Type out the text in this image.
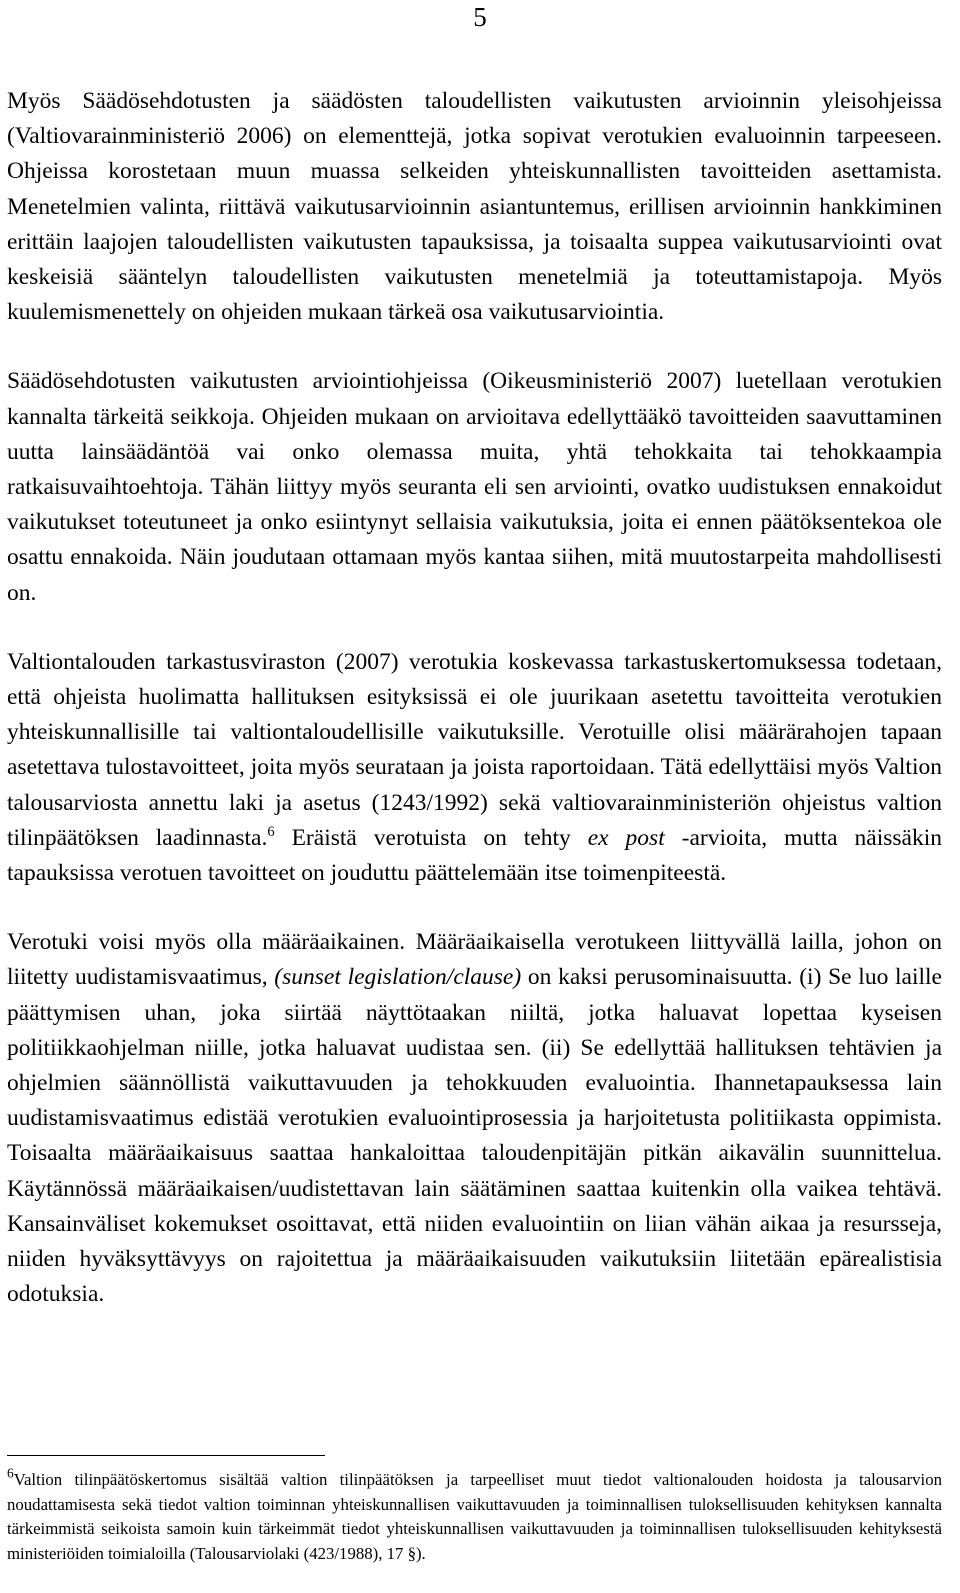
5

Myös Säädösehdotusten ja säädösten taloudellisten vaikutusten arvioinnin yleisohjeissa (Valtiovarainministeriö 2006) on elementtejä, jotka sopivat verotukien evaluoinnin tarpeeseen. Ohjeissa korostetaan muun muassa selkeiden yhteiskunnallisten tavoitteiden asettamista. Menetelmien valinta, riittävä vaikutusarvioinnin asiantuntemus, erillisen arvioinnin hankkiminen erittäin laajojen taloudellisten vaikutusten tapauksissa, ja toisaalta suppea vaikutusarviointi ovat keskeisiä sääntelyn taloudellisten vaikutusten menetelmiä ja toteuttamistapoja. Myös kuulemismenettely on ohjeiden mukaan tärkeä osa vaikutusarviointia.

Säädösehdotusten vaikutusten arviointiohjeissa (Oikeusministeriö 2007) luetellaan verotukien kannalta tärkeitä seikkoja. Ohjeiden mukaan on arvioitava edellyttääkö tavoitteiden saavuttaminen uutta lainsäädäntöä vai onko olemassa muita, yhtä tehokkaita tai tehokkaampia ratkaisuvaihtoehtoja. Tähän liittyy myös seuranta eli sen arviointi, ovatko uudistuksen ennakoidut vaikutukset toteutuneet ja onko esiintynyt sellaisia vaikutuksia, joita ei ennen päätöksentekoa ole osattu ennakoida. Näin joudutaan ottamaan myös kantaa siihen, mitä muutostarpeita mahdollisesti on.

Valtiontalouden tarkastusviraston (2007) verotukia koskevassa tarkastuskertomuksessa todetaan, että ohjeista huolimatta hallituksen esityksissä ei ole juurikaan asetettu tavoitteita verotukien yhteiskunnallisille tai valtiontaloudellisille vaikutuksille. Verotuille olisi määrärahojen tapaan asetettava tulostavoitteet, joita myös seurataan ja joista raportoidaan. Tätä edellyttäisi myös Valtion talousarviosta annettu laki ja asetus (1243/1992) sekä valtiovarainministeriön ohjeistus valtion tilinpäätöksen laadinnasta.$^6$ Eräistä verotuista on tehty ex post -arvioita, mutta näissäkin tapauksissa verotuen tavoitteet on jouduttu päättelemään itse toimenpiteestä.

Verotuki voisi myös olla määräaikainen. Määräaikaisella verotukeen liittyvällä lailla, johon on liitetty uudistamisvaatimus, (sunset legislation/clause) on kaksi perusominaisuutta. (i) Se luo laille päättymisen uhan, joka siirtää näyttötaakan niiltä, jotka haluavat lopettaa kyseisen politiikkaohjelman niille, jotka haluavat uudistaa sen. (ii) Se edellyttää hallituksen tehtävien ja ohjelmien säännöllistä vaikuttavuuden ja tehokkuuden evaluointia. Ihannetapauksessa lain uudistamisvaatimus edistää verotukien evaluointiprosessia ja harjoitetusta politiikasta oppimista. Toisaalta määräaikaisuus saattaa hankaloittaa taloudenpitäjän pitkän aikavälin suunnittelua. Käytännössä määräaikaisen/uudistettavan lain säätäminen saattaa kuitenkin olla vaikea tehtävä. Kansainväliset kokemukset osoittavat, että niiden evaluointiin on liian vähän aikaa ja resursseja, niiden hyväksyttävyys on rajoitettua ja määräaikaisuuden vaikutuksiin liitetään epärealistisia odotuksia.

$^6$Valtion tilinpäätöskertomus sisältää valtion tilinpäätöksen ja tarpeelliset muut tiedot valtionalouden hoidosta ja talousarvion noudattamisesta sekä tiedot valtion toiminnan yhteiskunnallisen vaikuttavuuden ja toiminnallisen tuloksellisuuden kehityksen kannalta tärkeimmistä seikoista samoin kuin tärkeimmät tiedot yhteiskunnallisen vaikuttavuuden ja toiminnallisen tuloksellisuuden kehityksestä ministeriöiden toimialoilla (Talousarviolaki (423/1988), 17 §).
